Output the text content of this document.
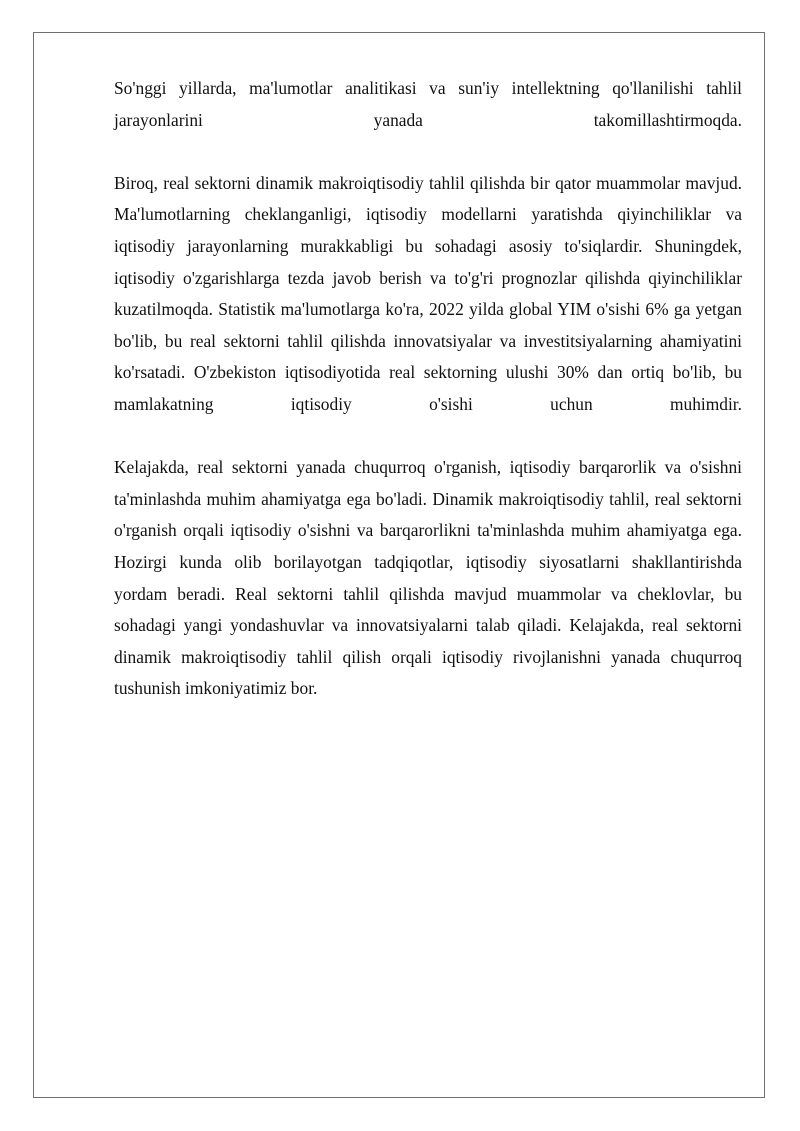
So'nggi yillarda, ma'lumotlar analitikasi va sun'iy intellektning qo'llanilishi tahlil jarayonlarini yanada takomillashtirmoqda.

Biroq, real sektorni dinamik makroiqtisodiy tahlil qilishda bir qator muammolar mavjud. Ma'lumotlarning cheklanganligi, iqtisodiy modellarni yaratishda qiyinchiliklar va iqtisodiy jarayonlarning murakkabligi bu sohadagi asosiy to'siqlardir. Shuningdek, iqtisodiy o'zgarishlarga tezda javob berish va to'g'ri prognozlar qilishda qiyinchiliklar kuzatilmoqda. Statistik ma'lumotlarga ko'ra, 2022 yilda global YIM o'sishi 6% ga yetgan bo'lib, bu real sektorni tahlil qilishda innovatsiyalar va investitsiyalarning ahamiyatini ko'rsatadi. O'zbekiston iqtisodiyotida real sektorning ulushi 30% dan ortiq bo'lib, bu mamlakatning iqtisodiy o'sishi uchun muhimdir.

Kelajakda, real sektorni yanada chuqurroq o'rganish, iqtisodiy barqarorlik va o'sishni ta'minlashda muhim ahamiyatga ega bo'ladi. Dinamik makroiqtisodiy tahlil, real sektorni o'rganish orqali iqtisodiy o'sishni va barqarorlikni ta'minlashda muhim ahamiyatga ega. Hozirgi kunda olib borilayotgan tadqiqotlar, iqtisodiy siyosatlarni shakllantirishda yordam beradi. Real sektorni tahlil qilishda mavjud muammolar va cheklovlar, bu sohadagi yangi yondashuvlar va innovatsiyalarni talab qiladi. Kelajakda, real sektorni dinamik makroiqtisodiy tahlil qilish orqali iqtisodiy rivojlanishni yanada chuqurroq tushunish imkoniyatimiz bor.
